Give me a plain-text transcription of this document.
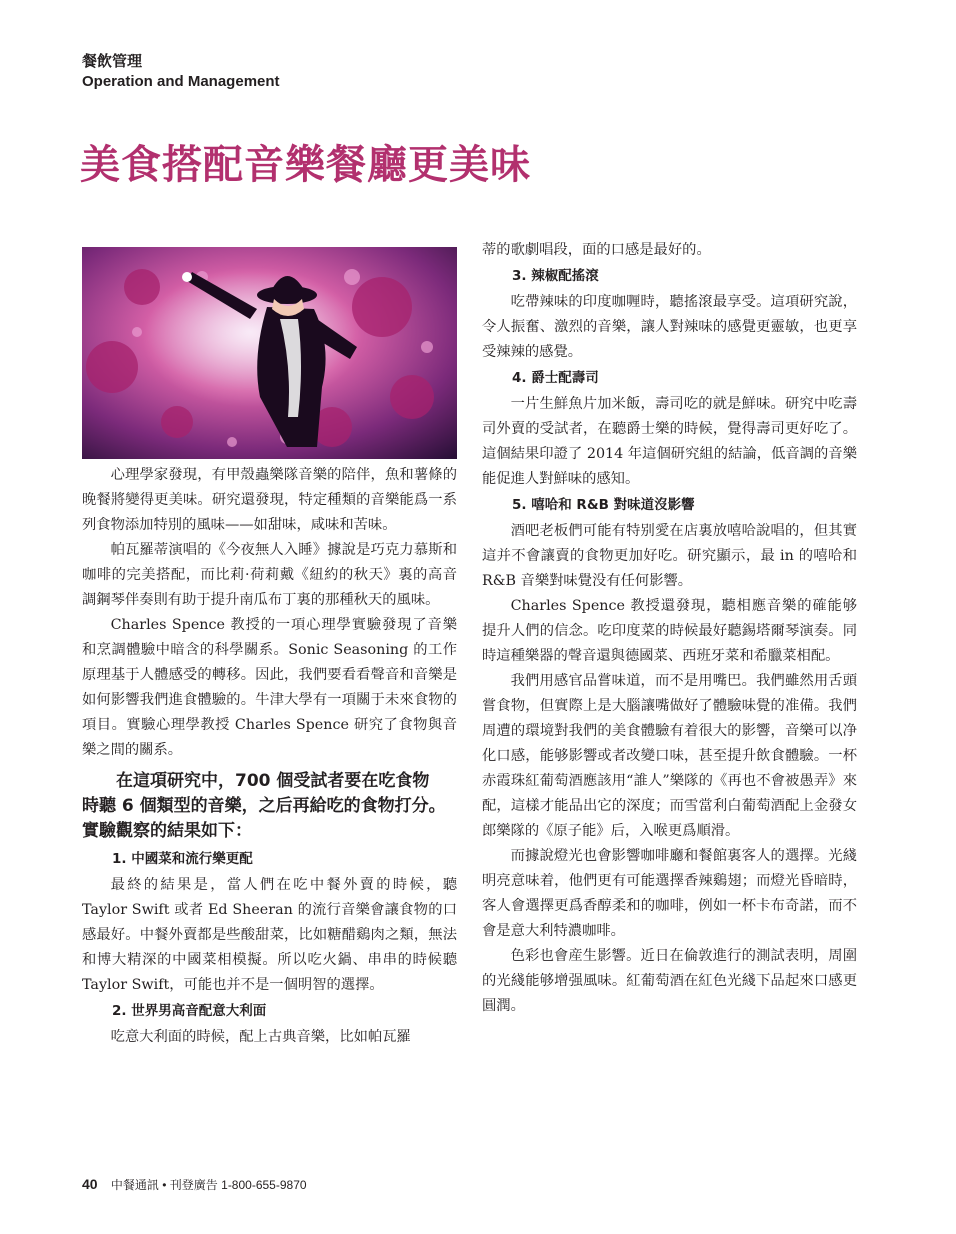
餐飲管理
Operation and Management
美食搭配音樂餐廳更美味

心理學家發現，有甲殼蟲樂隊音樂的陪伴，魚和薯條的晚餐將變得更美味。研究還發現，特定種類的音樂能爲一系列食物添加特別的風味——如甜味，咸味和苦味。

帕瓦羅蒂演唱的《今夜無人入睡》據說是巧克力慕斯和咖啡的完美搭配，而比莉·荷莉戴《紐約的秋天》裏的高音調鋼琴伴奏則有助于提升南瓜布丁裏的那種秋天的風味。

Charles Spence 教授的一項心理學實驗發現了音樂和烹調體驗中暗含的科學關系。Sonic Seasoning 的工作原理基于人體感受的轉移。因此，我們要看看聲音和音樂是如何影響我們進食體驗的。牛津大學有一項關于未來食物的項目。實驗心理學教授 Charles Spence 研究了食物與音樂之間的關系。

在這項研究中，700 個受試者要在吃食物
時聽 6 個類型的音樂，之后再給吃的食物打分。
實驗觀察的結果如下：
1. 中國菜和流行樂更配

最終的結果是，當人們在吃中餐外賣的時候，聽 Taylor Swift 或者 Ed Sheeran 的流行音樂會讓食物的口感最好。中餐外賣都是些酸甜菜，比如糖醋鷄肉之類，無法和博大精深的中國菜相模擬。所以吃火鍋、串串的時候聽 Taylor Swift，可能也并不是一個明智的選擇。

2. 世界男高音配意大利面

吃意大利面的時候，配上古典音樂，比如帕瓦羅

蒂的歌劇唱段，面的口感是最好的。

3. 辣椒配搖滾

吃帶辣味的印度咖喱時，聽搖滾最享受。這項研究說，令人振奮、激烈的音樂，讓人對辣味的感覺更靈敏，也更享受辣辣的感覺。

4. 爵士配壽司

一片生鮮魚片加米飯，壽司吃的就是鮮味。研究中吃壽司外賣的受試者，在聽爵士樂的時候，覺得壽司更好吃了。這個結果印證了 2014 年這個研究組的結論，低音調的音樂能促進人對鮮味的感知。

5. 嘻哈和 R&B 對味道沒影響

酒吧老板們可能有特别愛在店裏放嘻哈說唱的，但其實這并不會讓賣的食物更加好吃。研究顯示，最 in 的嘻哈和 R&B 音樂對味覺没有任何影響。

Charles Spence 教授還發現，聽相應音樂的確能够提升人們的信念。吃印度菜的時候最好聽錫塔爾琴演奏。同時這種樂器的聲音還與德國菜、西班牙菜和希臘菜相配。

我們用感官品嘗味道，而不是用嘴巴。我們雖然用舌頭嘗食物，但實際上是大腦讓嘴做好了體驗味覺的准備。我們周遭的環境對我們的美食體驗有着很大的影響，音樂可以净化口感，能够影響或者改變口味，甚至提升飲食體驗。一杯赤霞珠紅葡萄酒應該用“誰人”樂隊的《再也不會被愚弄》來配，這樣才能品出它的深度；而雪當利白葡萄酒配上金發女郎樂隊的《原子能》后，入喉更爲順滑。

而據說燈光也會影響咖啡廳和餐館裏客人的選擇。光綫明亮意味着，他們更有可能選擇香辣鷄翅；而燈光昏暗時，客人會選擇更爲香醇柔和的咖啡，例如一杯卡布奇諾，而不會是意大利特濃咖啡。

色彩也會産生影響。近日在倫敦進行的測試表明，周圍的光綫能够增强風味。紅葡萄酒在紅色光綫下品起來口感更圓潤。

40 中餐通訊 • 刊登廣告 1-800-655-9870
